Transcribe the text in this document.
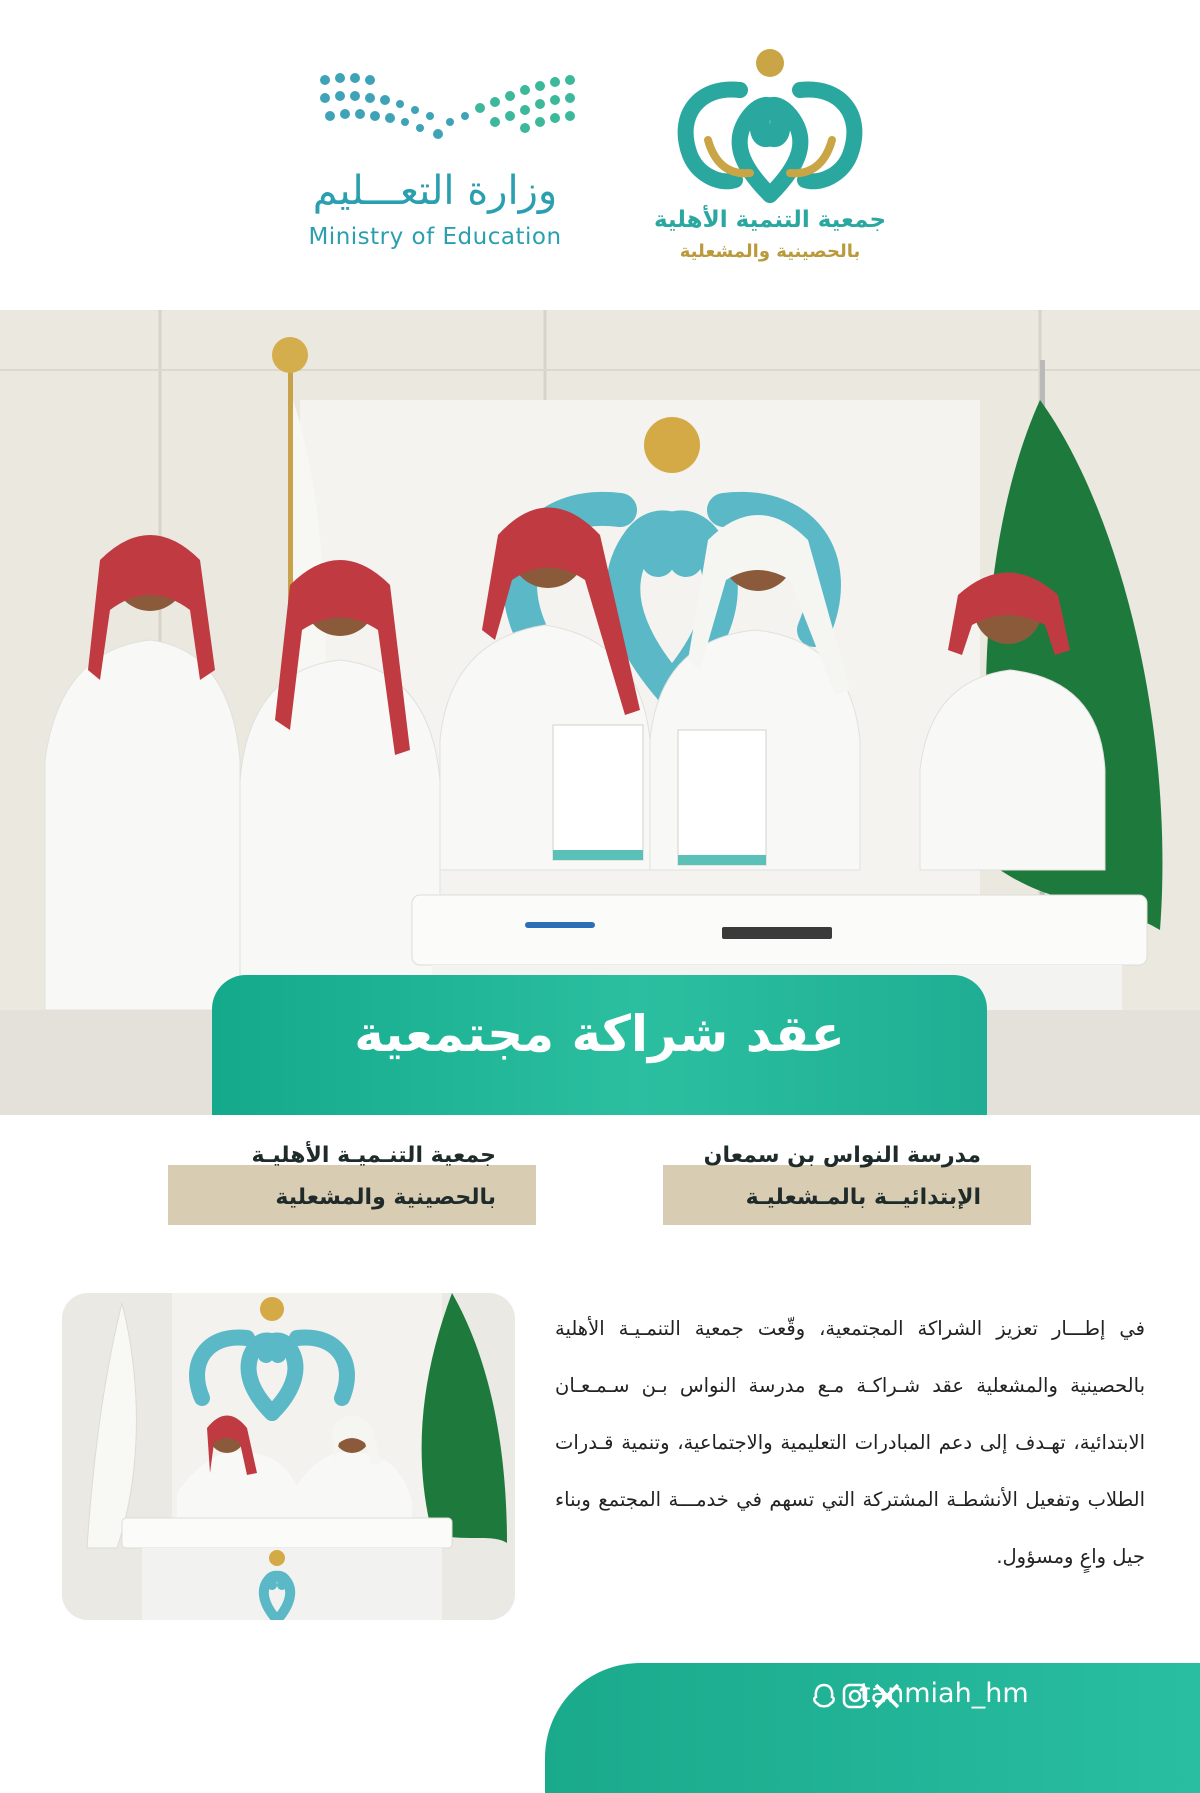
وزارة التعـــليم
Ministry of Education
جمعية التنمية الأهلية
بالحصينية والمشعلية
عقد شراكة مجتمعية
جمعية التنـميـة الأهليـة
بالحصينية والمشعلية
مدرسة النواس بن سمعان
الإبتدائيــة بالمـشعليـة
في إطـــار تعزيز الشراكة المجتمعية، وقّعت جمعية التنمـيـة الأهلية بالحصينية والمشعلية عقد شـراكـة مـع مدرسة النواس بـن سـمـعـان الابتدائية، تهـدف إلى دعم المبادرات التعليمية والاجتماعية، وتنمية قـدرات الطلاب وتفعيل الأنشطـة المشتركة التي تسهم في خدمـــة المجتمع وبناء جيل واعٍ ومسؤول.
tanmiah_hm
